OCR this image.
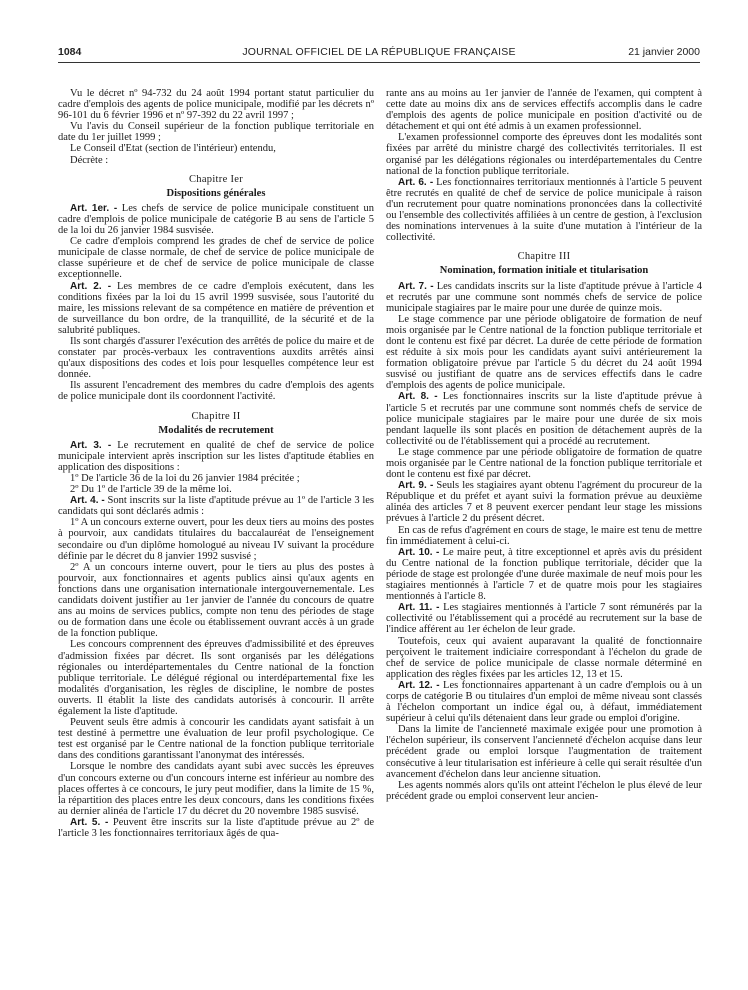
1084	JOURNAL OFFICIEL DE LA RÉPUBLIQUE FRANÇAISE	21 janvier 2000

Vu le décret nº 94-732 du 24 août 1994 portant statut particulier du cadre d'emplois des agents de police municipale, modifié par les décrets nº 96-101 du 6 février 1996 et nº 97-392 du 22 avril 1997 ;

Vu l'avis du Conseil supérieur de la fonction publique territoriale en date du 1er juillet 1999 ;

Le Conseil d'Etat (section de l'intérieur) entendu,

Décrète :

Chapitre Ier
Dispositions générales

Art. 1er. - Les chefs de service de police municipale constituent un cadre d'emplois de police municipale de catégorie B au sens de l'article 5 de la loi du 26 janvier 1984 susvisée.

Ce cadre d'emplois comprend les grades de chef de service de police municipale de classe normale, de chef de service de police municipale de classe supérieure et de chef de service de police municipale de classe exceptionnelle.

Art. 2. - Les membres de ce cadre d'emplois exécutent, dans les conditions fixées par la loi du 15 avril 1999 susvisée, sous l'autorité du maire, les missions relevant de sa compétence en matière de prévention et de surveillance du bon ordre, de la tranquillité, de la sécurité et de la salubrité publiques.

Ils sont chargés d'assurer l'exécution des arrêtés de police du maire et de constater par procès-verbaux les contraventions auxdits arrêtés ainsi qu'aux dispositions des codes et lois pour lesquelles compétence leur est donnée.

Ils assurent l'encadrement des membres du cadre d'emplois des agents de police municipale dont ils coordonnent l'activité.

Chapitre II
Modalités de recrutement

Art. 3. - Le recrutement en qualité de chef de service de police municipale intervient après inscription sur les listes d'aptitude établies en application des dispositions :

1º De l'article 36 de la loi du 26 janvier 1984 précitée ;

2º Du 1º de l'article 39 de la même loi.

Art. 4. - Sont inscrits sur la liste d'aptitude prévue au 1º de l'article 3 les candidats qui sont déclarés admis :

1º A un concours externe ouvert, pour les deux tiers au moins des postes à pourvoir, aux candidats titulaires du baccalauréat de l'enseignement secondaire ou d'un diplôme homologué au niveau IV suivant la procédure définie par le décret du 8 janvier 1992 susvisé ;

2º A un concours interne ouvert, pour le tiers au plus des postes à pourvoir, aux fonctionnaires et agents publics ainsi qu'aux agents en fonctions dans une organisation internationale intergouvernementale. Les candidats doivent justifier au 1er janvier de l'année du concours de quatre ans au moins de services publics, compte non tenu des périodes de stage ou de formation dans une école ou établissement ouvrant accès à un grade de la fonction publique.

Les concours comprennent des épreuves d'admissibilité et des épreuves d'admission fixées par décret. Ils sont organisés par les délégations régionales ou interdépartementales du Centre national de la fonction publique territoriale. Le délégué régional ou interdépartemental fixe les modalités d'organisation, les règles de discipline, le nombre de postes ouverts. Il établit la liste des candidats autorisés à concourir. Il arrête également la liste d'aptitude.

Peuvent seuls être admis à concourir les candidats ayant satisfait à un test destiné à permettre une évaluation de leur profil psychologique. Ce test est organisé par le Centre national de la fonction publique territoriale dans des conditions garantissant l'anonymat des intéressés.

Lorsque le nombre des candidats ayant subi avec succès les épreuves d'un concours externe ou d'un concours interne est inférieur au nombre des places offertes à ce concours, le jury peut modifier, dans la limite de 15 %, la répartition des places entre les deux concours, dans les conditions fixées au dernier alinéa de l'article 17 du décret du 20 novembre 1985 susvisé.

Art. 5. - Peuvent être inscrits sur la liste d'aptitude prévue au 2º de l'article 3 les fonctionnaires territoriaux âgés de qua-

rante ans au moins au 1er janvier de l'année de l'examen, qui comptent à cette date au moins dix ans de services effectifs accomplis dans le cadre d'emplois des agents de police municipale en position d'activité ou de détachement et qui ont été admis à un examen professionnel.

L'examen professionnel comporte des épreuves dont les modalités sont fixées par arrêté du ministre chargé des collectivités territoriales. Il est organisé par les délégations régionales ou interdépartementales du Centre national de la fonction publique territoriale.

Art. 6. - Les fonctionnaires territoriaux mentionnés à l'article 5 peuvent être recrutés en qualité de chef de service de police municipale à raison d'un recrutement pour quatre nominations prononcées dans la collectivité ou l'ensemble des collectivités affiliées à un centre de gestion, à l'exclusion des nominations intervenues à la suite d'une mutation à l'intérieur de la collectivité.

Chapitre III
Nomination, formation initiale et titularisation

Art. 7. - Les candidats inscrits sur la liste d'aptitude prévue à l'article 4 et recrutés par une commune sont nommés chefs de service de police municipale stagiaires par le maire pour une durée de quinze mois.

Le stage commence par une période obligatoire de formation de neuf mois organisée par le Centre national de la fonction publique territoriale et dont le contenu est fixé par décret. La durée de cette période de formation est réduite à six mois pour les candidats ayant suivi antérieurement la formation obligatoire prévue par l'article 5 du décret du 24 août 1994 susvisé ou justifiant de quatre ans de services effectifs dans le cadre d'emplois des agents de police municipale.

Art. 8. - Les fonctionnaires inscrits sur la liste d'aptitude prévue à l'article 5 et recrutés par une commune sont nommés chefs de service de police municipale stagiaires par le maire pour une durée de six mois pendant laquelle ils sont placés en position de détachement auprès de la collectivité ou de l'établissement qui a procédé au recrutement.

Le stage commence par une période obligatoire de formation de quatre mois organisée par le Centre national de la fonction publique territoriale et dont le contenu est fixé par décret.

Art. 9. - Seuls les stagiaires ayant obtenu l'agrément du procureur de la République et du préfet et ayant suivi la formation prévue au deuxième alinéa des articles 7 et 8 peuvent exercer pendant leur stage les missions prévues à l'article 2 du présent décret.

En cas de refus d'agrément en cours de stage, le maire est tenu de mettre fin immédiatement à celui-ci.

Art. 10. - Le maire peut, à titre exceptionnel et après avis du président du Centre national de la fonction publique territoriale, décider que la période de stage est prolongée d'une durée maximale de neuf mois pour les stagiaires mentionnés à l'article 7 et de quatre mois pour les stagiaires mentionnés à l'article 8.

Art. 11. - Les stagiaires mentionnés à l'article 7 sont rémunérés par la collectivité ou l'établissement qui a procédé au recrutement sur la base de l'indice afférent au 1er échelon de leur grade.

Toutefois, ceux qui avaient auparavant la qualité de fonctionnaire perçoivent le traitement indiciaire correspondant à l'échelon du grade de chef de service de police municipale de classe normale déterminé en application des règles fixées par les articles 12, 13 et 15.

Art. 12. - Les fonctionnaires appartenant à un cadre d'emplois ou à un corps de catégorie B ou titulaires d'un emploi de même niveau sont classés à l'échelon comportant un indice égal ou, à défaut, immédiatement supérieur à celui qu'ils détenaient dans leur grade ou emploi d'origine.

Dans la limite de l'ancienneté maximale exigée pour une promotion à l'échelon supérieur, ils conservent l'ancienneté d'échelon acquise dans leur précédent grade ou emploi lorsque l'augmentation de traitement consécutive à leur titularisation est inférieure à celle qui serait résultée d'un avancement d'échelon dans leur ancienne situation.

Les agents nommés alors qu'ils ont atteint l'échelon le plus élevé de leur précédent grade ou emploi conservent leur ancien-
